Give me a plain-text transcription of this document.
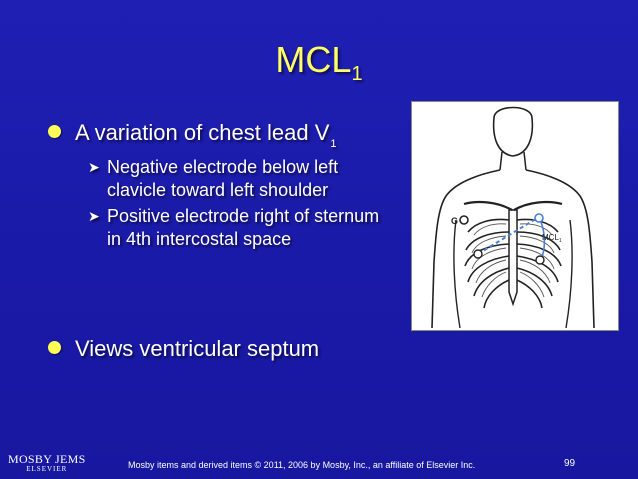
$MCL_1$
A variation of chest lead $V_1$
➤ Negative electrode below left clavicle toward left shoulder
➤ Positive electrode right of sternum in 4th intercostal space
Views ventricular septum
G
$MCL_1$
MOSBY JEMS
ELSEVIER	Mosby items and derived items © 2011, 2006 by Mosby, Inc., an affiliate of Elsevier Inc.	99
